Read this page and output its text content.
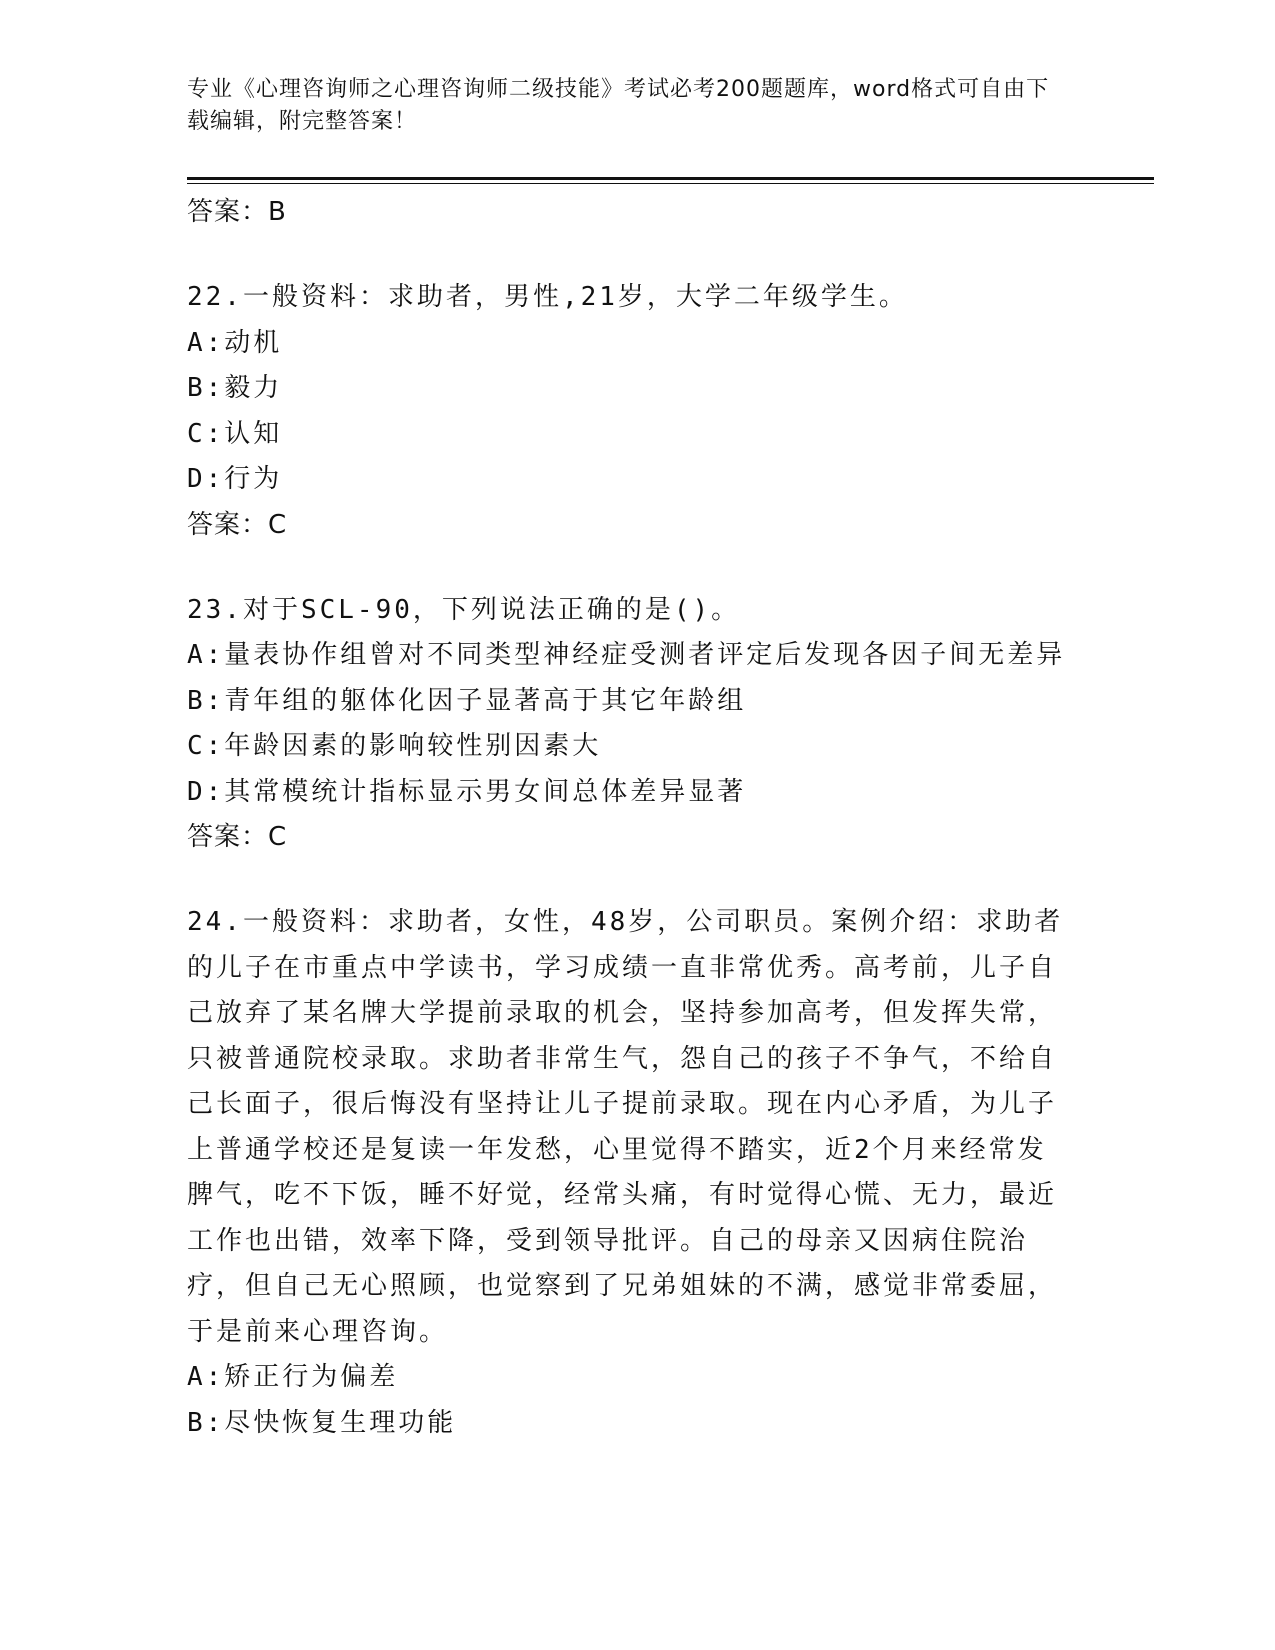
专业《心理咨询师之心理咨询师二级技能》考试必考200题题库，word格式可自由下载编辑，附完整答案！
答案：B
22.一般资料：求助者，男性,21岁，大学二年级学生。
A:动机
B:毅力
C:认知
D:行为
答案：C
23.对于SCL-90，下列说法正确的是()。
A:量表协作组曾对不同类型神经症受测者评定后发现各因子间无差异
B:青年组的躯体化因子显著高于其它年龄组
C:年龄因素的影响较性别因素大
D:其常模统计指标显示男女间总体差异显著
答案：C
24.一般资料：求助者，女性，48岁，公司职员。案例介绍：求助者的儿子在市重点中学读书，学习成绩一直非常优秀。高考前，儿子自己放弃了某名牌大学提前录取的机会，坚持参加高考，但发挥失常，只被普通院校录取。求助者非常生气，怨自己的孩子不争气，不给自己长面子，很后悔没有坚持让儿子提前录取。现在内心矛盾，为儿子上普通学校还是复读一年发愁，心里觉得不踏实，近2个月来经常发脾气，吃不下饭，睡不好觉，经常头痛，有时觉得心慌、无力，最近工作也出错，效率下降，受到领导批评。自己的母亲又因病住院治疗，但自己无心照顾，也觉察到了兄弟姐妹的不满，感觉非常委屈，于是前来心理咨询。
A:矫正行为偏差
B:尽快恢复生理功能
